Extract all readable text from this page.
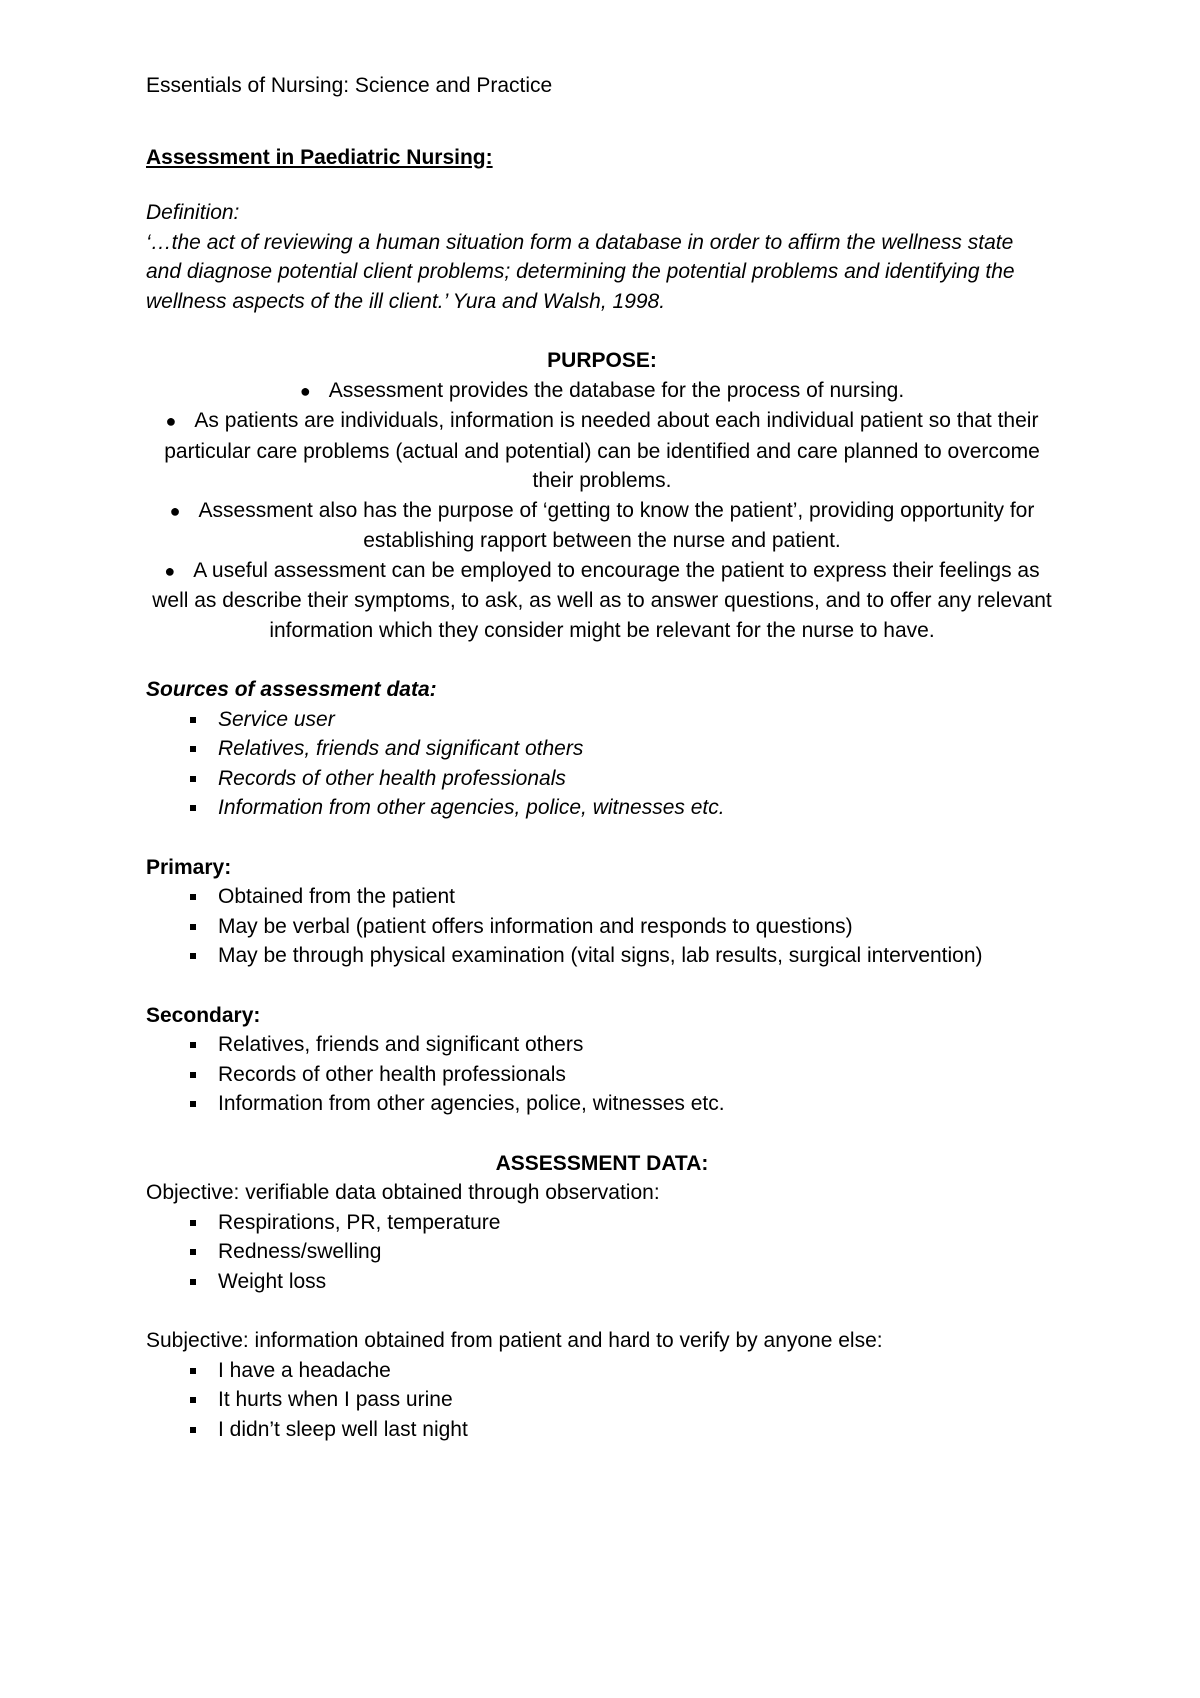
Essentials of Nursing: Science and Practice
Assessment in Paediatric Nursing:
Definition:
‘…the act of reviewing a human situation form a database in order to affirm the wellness state and diagnose potential client problems; determining the potential problems and identifying the wellness aspects of the ill client.’ Yura and Walsh, 1998.
PURPOSE:
● Assessment provides the database for the process of nursing.
● As patients are individuals, information is needed about each individual patient so that their particular care problems (actual and potential) can be identified and care planned to overcome their problems.
● Assessment also has the purpose of ‘getting to know the patient’, providing opportunity for establishing rapport between the nurse and patient.
● A useful assessment can be employed to encourage the patient to express their feelings as well as describe their symptoms, to ask, as well as to answer questions, and to offer any relevant information which they consider might be relevant for the nurse to have.
Sources of assessment data:
Service user
Relatives, friends and significant others
Records of other health professionals
Information from other agencies, police, witnesses etc.
Primary:
Obtained from the patient
May be verbal (patient offers information and responds to questions)
May be through physical examination (vital signs, lab results, surgical intervention)
Secondary:
Relatives, friends and significant others
Records of other health professionals
Information from other agencies, police, witnesses etc.
ASSESSMENT DATA:
Objective: verifiable data obtained through observation:
Respirations, PR, temperature
Redness/swelling
Weight loss
Subjective: information obtained from patient and hard to verify by anyone else:
I have a headache
It hurts when I pass urine
I didn’t sleep well last night
